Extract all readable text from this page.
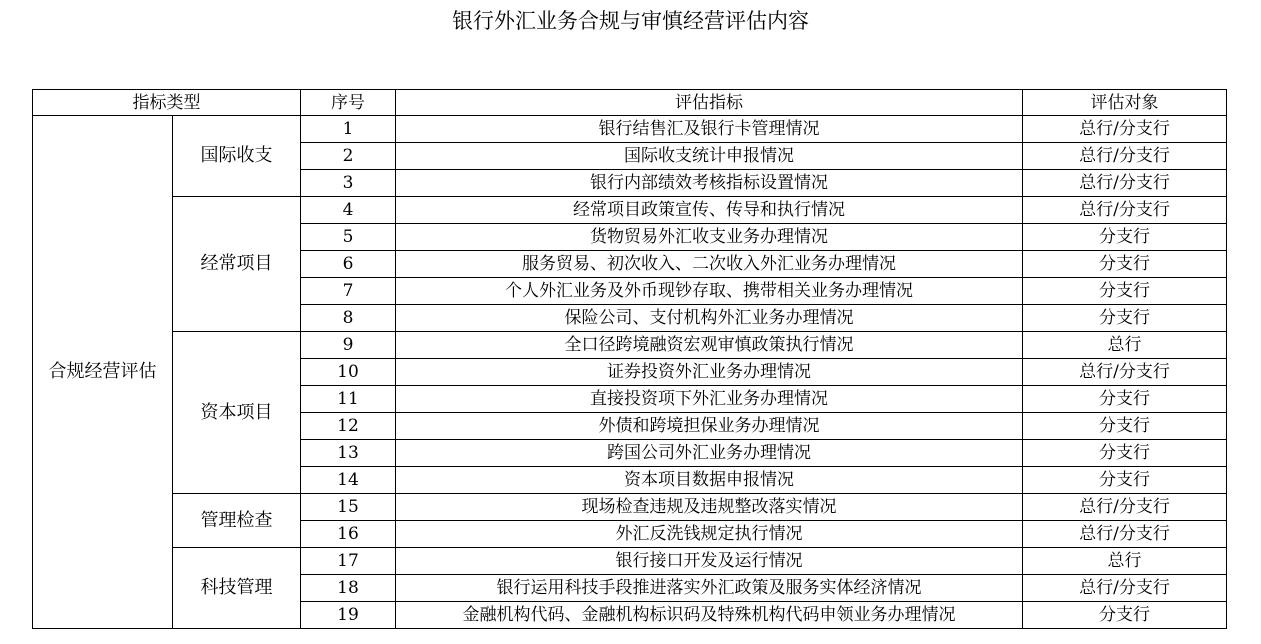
银行外汇业务合规与审慎经营评估内容
指标类型		序号	评估指标	评估对象
合规经营评估	国际收支	1	银行结售汇及银行卡管理情况	总行/分支行
		2	国际收支统计申报情况	总行/分支行
		3	银行内部绩效考核指标设置情况	总行/分支行
	经常项目	4	经常项目政策宣传、传导和执行情况	总行/分支行
		5	货物贸易外汇收支业务办理情况	分支行
		6	服务贸易、初次收入、二次收入外汇业务办理情况	分支行
		7	个人外汇业务及外币现钞存取、携带相关业务办理情况	分支行
		8	保险公司、支付机构外汇业务办理情况	分支行
	资本项目	9	全口径跨境融资宏观审慎政策执行情况	总行
		10	证券投资外汇业务办理情况	总行/分支行
		11	直接投资项下外汇业务办理情况	分支行
		12	外债和跨境担保业务办理情况	分支行
		13	跨国公司外汇业务办理情况	分支行
		14	资本项目数据申报情况	分支行
	管理检查	15	现场检查违规及违规整改落实情况	总行/分支行
		16	外汇反洗钱规定执行情况	总行/分支行
	科技管理	17	银行接口开发及运行情况	总行
		18	银行运用科技手段推进落实外汇政策及服务实体经济情况	总行/分支行
		19	金融机构代码、金融机构标识码及特殊机构代码申领业务办理情况	分支行
